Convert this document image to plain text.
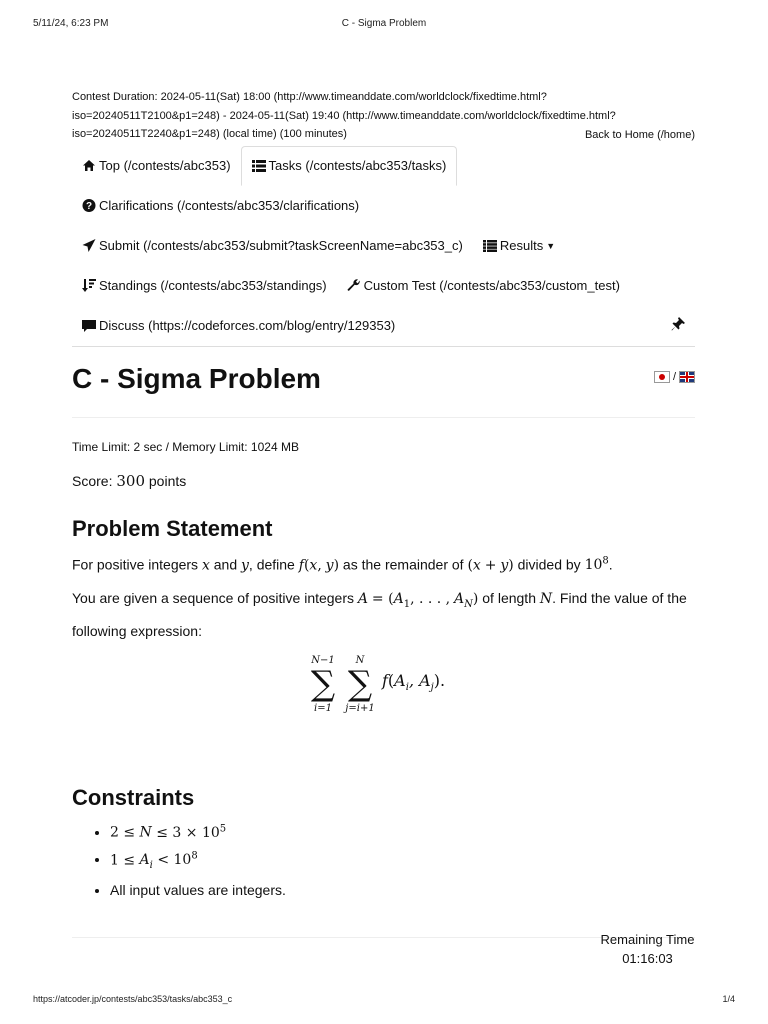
5/11/24, 6:23 PM	C - Sigma Problem
Contest Duration: 2024-05-11(Sat) 18:00 (http://www.timeanddate.com/worldclock/fixedtime.html?
iso=20240511T2100&p1=248) - 2024-05-11(Sat) 19:40 (http://www.timeanddate.com/worldclock/fixedtime.html?
iso=20240511T2240&p1=248) (local time) (100 minutes)	Back to Home (/home)
Top (/contests/abc353)	Tasks (/contests/abc353/tasks)
? Clarifications (/contests/abc353/clarifications)
Submit (/contests/abc353/submit?taskScreenName=abc353_c)	Results ▼
Standings (/contests/abc353/standings)	Custom Test (/contests/abc353/custom_test)
Discuss (https://codeforces.com/blog/entry/129353)
C - Sigma Problem	/
Time Limit: 2 sec / Memory Limit: 1024 MB
Score: 300 points
Problem Statement

For positive integers x and y, define f(x, y) as the remainder of (x + y) divided by $10^8$.

You are given a sequence of positive integers $A = (A_1$, . . . , $A_N$) of length N. Find the value of the following expression:

N−1
∑
i=1
N
∑
j=i+1
$f(A_i$, $A_j$).
Constraints
• $2 \le N \le 3 \times 10^5$
• $1 \le A_i < 10^8$
• All input values are integers.
Remaining Time
01:16:03
https://atcoder.jp/contests/abc353/tasks/abc353_c	1/4
